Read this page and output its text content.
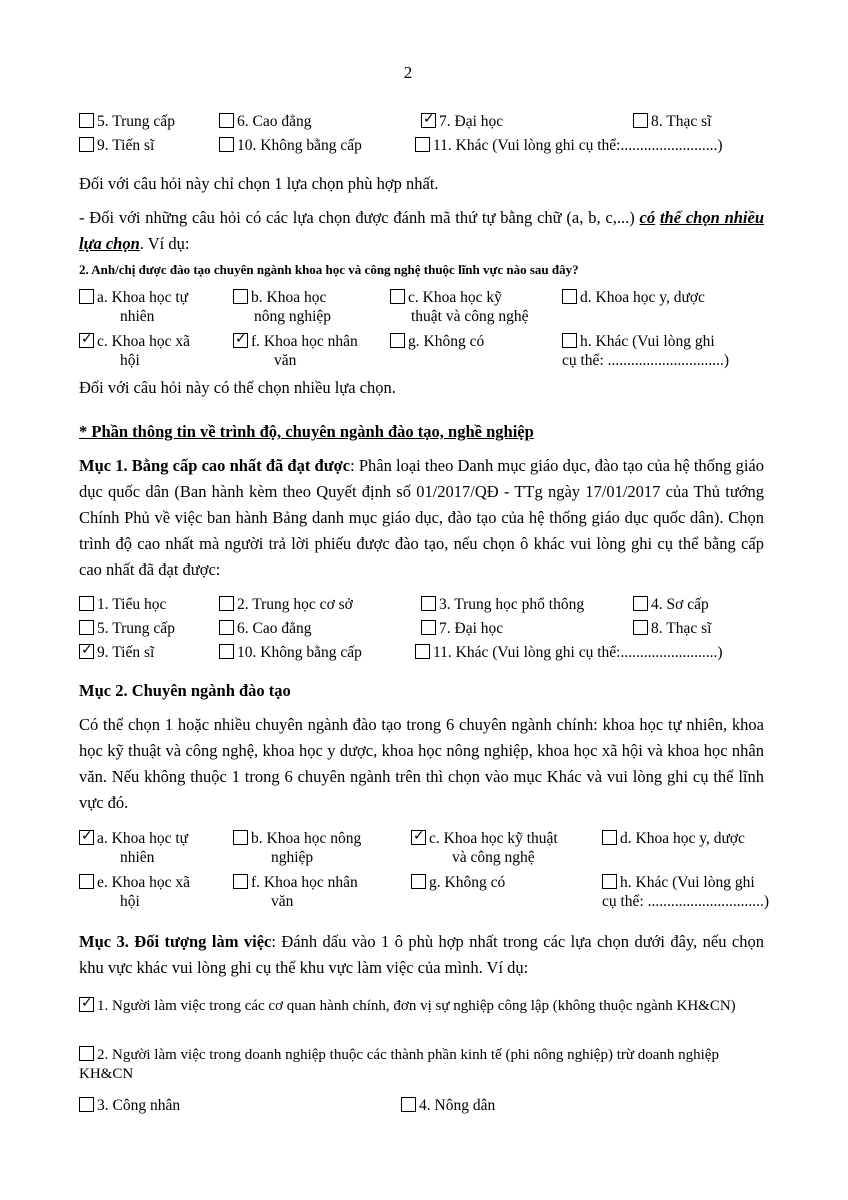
2
5. Trung cấp	6. Cao đẳng
✓	7. Đại học	8. Thạc sĩ
9. Tiến sĩ	10. Không bằng cấp	11. Khác (Vui lòng ghi cụ thể:.........................)
Đối với câu hỏi này chỉ chọn 1 lựa chọn phù hợp nhất.
- Đối với những câu hỏi có các lựa chọn được đánh mã thứ tự bằng chữ (a, b, c,...) có thể chọn nhiều lựa chọn. Ví dụ:
2. Anh/chị được đào tạo chuyên ngành khoa học và công nghệ thuộc lĩnh vực nào sau đây?
a. Khoa học tự
nhiên
b. Khoa học
nông nghiệp
c. Khoa học kỹ
thuật và công nghệ
d. Khoa học y, dược
✓c. Khoa học xã
hội
✓f. Khoa học nhân
văn
g. Không có	h. Khác (Vui lòng ghi
cụ thể: ..............................)
Đối với câu hỏi này có thể chọn nhiều lựa chọn.
* Phần thông tin về trình độ, chuyên ngành đào tạo, nghề nghiệp
Mục 1. Bằng cấp cao nhất đã đạt được: Phân loại theo Danh mục giáo dục, đào tạo của hệ thống giáo dục quốc dân (Ban hành kèm theo Quyết định số 01/2017/QĐ - TTg ngày 17/01/2017 của Thủ tướng Chính Phủ về việc ban hành Bảng danh mục giáo dục, đào tạo của hệ thống giáo dục quốc dân). Chọn trình độ cao nhất mà người trả lời phiếu được đào tạo, nếu chọn ô khác vui lòng ghi cụ thể bằng cấp cao nhất đã đạt được:
1. Tiểu học	2. Trung học cơ sở	3. Trung học phổ thông	4. Sơ cấp
5. Trung cấp	6. Cao đẳng	7. Đại học	8. Thạc sĩ
✓9. Tiến sĩ	10. Không bằng cấp	11. Khác (Vui lòng ghi cụ thể:.........................)
Mục 2. Chuyên ngành đào tạo
Có thể chọn 1 hoặc nhiều chuyên ngành đào tạo trong 6 chuyên ngành chính: khoa học tự nhiên, khoa học kỹ thuật và công nghệ, khoa học y dược, khoa học nông nghiệp, khoa học xã hội và khoa học nhân văn. Nếu không thuộc 1 trong 6 chuyên ngành trên thì chọn vào mục Khác và vui lòng ghi cụ thể lĩnh vực đó.
✓a. Khoa học tự
nhiên
b. Khoa học nông
nghiệp
✓c. Khoa học kỹ thuật
và công nghệ
d. Khoa học y, dược
e. Khoa học xã
hội
f. Khoa học nhân
văn
g. Không có	h. Khác (Vui lòng ghi
cụ thể: ..............................)
Mục 3. Đối tượng làm việc: Đánh dấu vào 1 ô phù hợp nhất trong các lựa chọn dưới đây, nếu chọn khu vực khác vui lòng ghi cụ thể khu vực làm việc của mình. Ví dụ:
✓1. Người làm việc trong các cơ quan hành chính, đơn vị sự nghiệp công lập (không thuộc ngành KH&CN)
2. Người làm việc trong doanh nghiệp thuộc các thành phần kinh tế (phi nông nghiệp) trừ doanh nghiệp KH&CN
3. Công nhân	4. Nông dân
